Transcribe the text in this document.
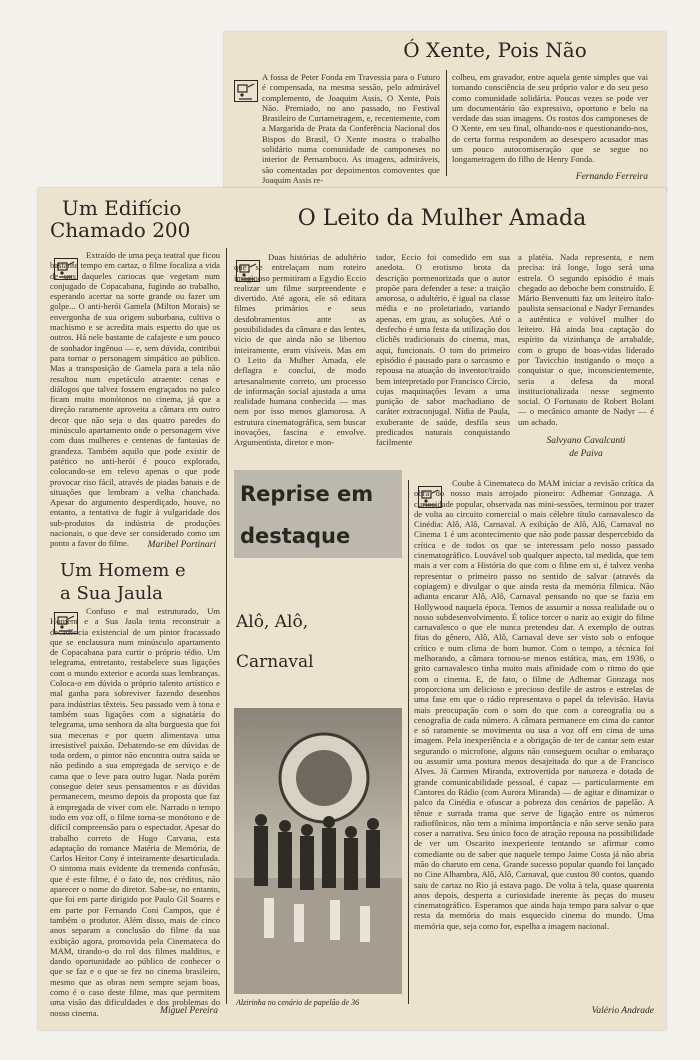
Ó Xente, Pois Não
A fossa de Peter Fonda em Travessia para o Futuro é compensada, na mesma sessão, pelo admirável complemento, de Joaquim Assis, O Xente, Pois Não. Premiado, no ano passado, no Festival Brasileiro de Curtametragem, e, recentemente, com a Margarida de Prata da Conferência Nacional dos Bispos do Brasil, O Xente mostra o trabalho solidário numa comunidade de camponeses no interior de Pernambuco. As imagens, admiráveis, são comentadas por depoimentos comoventes que Joaquim Assis re-
colheu, em gravador, entre aquela gente simples que vai tomando consciência de seu próprio valor e do seu peso como comunidade solidária. Poucas vezes se pode ver um documentário tão expressivo, oportuno e belo na verdade das suas imagens. Os rostos dos camponeses de O Xente, em seu final, olhando-nos e questionando-nos, de certa forma respondem ao desespero acusador mas um pouco autocomiseração que se segue no longametragem do filho de Henry Fonda.
Fernando Ferreira
Um Edifício
Chamado 200
Extraído de uma peça teatral que ficou bastante tempo em cartaz, o filme focaliza a vida de uns daqueles cariocas que vegetam num conjugado de Copacabana, fugindo ao trabalho, esperando acertar na sorte grande ou fazer um golpe... O anti-herói Gamela (Milton Morais) se envergonha de sua origem suburbana, cultiva o machismo e se acredita mais esperto do que os outros. Há nele bastante de cafajeste e um pouco de sonhador ingênuo — e, sem dúvida, contribui para tornar o personagem simpático ao público. Mas a transposição de Gamela para a tela não resultou num espetáculo atraente: cenas e diálogos que talvez fossem engraçados no palco ficam muito monótonos no cinema, já que a direção raramente aproveita a câmara em outro decor que não seja o das quatro paredes do minúsculo apartamento onde o personagem vive com duas mulheres e centenas de fantasias de grandeza. Também aquilo que pode existir de patético no anti-herói é pouco explorado, colocando-se em relevo apenas o que pode provocar riso fácil, através de piadas banais e de situações que lembram a velha chanchada. Apesar do argumento desperdiçado, houve, no entanto, a tentativa de fugir à vulgaridade dos sub-produtos da indústria de produções nacionais, o que deve ser considerado como um ponto a favor do filme.	Maribel Portinari
Um Homem e
a Sua Jaula
Confuso e mal estruturado, Um Homem e a Sua Jaula tenta reconstruir a decadência existencial de um pintor fracassado que se enclausura num minúsculo apartamento de Copacabana para curtir o próprio tédio. Um telegrama, entretanto, restabelece suas ligações com o mundo exterior e acorda suas lembranças. Coloca-o em dúvida o próprio talento artístico e mal ganha para sobreviver fazendo desenhos para indústrias têxteis. Seu passado vem à tona e também suas ligações com a signatária do telegrama, uma senhora da alta burguesia que foi sua mecenas e por quem alimentava uma irresistível paixão. Debatendo-se em dúvidas de toda ordem, o pintor não encontra outra saída se não pedindo a sua empregada de serviço e de cama que o leve para outro lugar. Nada porém consegue deter seus pensamentos e as dúvidas permanecem, mesmo depois da proposta que faz à empregada de viver com ele. Narrado o tempo todo em voz off, o filme torna-se monótono e de difícil compreensão para o espectador. Apesar do trabalho correto de Hugo Carvana, esta adaptação do romance Matéria de Memória, de Carlos Heitor Cony é inteiramente desarticulada. O sintoma mais evidente da tremenda confusão, que é este filme, é o fato de, nos créditos, não aparecer o nome do diretor. Sabe-se, no entanto, que foi em parte dirigido por Paulo Gil Soares e em parte por Fernando Coni Campos, que é também o produtor. Além disso, mais de cinco anos separam a conclusão do filme da sua exibição agora, promovida pela Cinemateca do MAM, tirando-o do rol dos filmes malditos, e dando oportunidade ao público de conhecer o que se faz e o que se fez no cinema brasileiro, mesmo que as obras nem sempre sejam boas, como é o caso deste filme, mas que permitem uma visão das dificuldades e dos problemas do nosso cinema.	Miguel Pereira
O Leito da Mulher Amada
Duas histórias de adultério que se entrelaçam num roteiro imaginoso permitiram a Egydio Eccio realizar um filme surpreendente e divertido. Até agora, ele só editara filmes primários e seus desdobramentos ante as possibilidades da câmara e das lentes, vício de que ainda não se libertou inteiramente, eram visíveis. Mas em O Leito da Mulher Amada, ele deflagra e conclui, de modo artesanalmente correto, um processo de informação social ajustada a uma realidade humana conhecida — mas nem por isso menos glamorosa. A estrutura cinematográfica, sem buscar inovações, fascina e envolve. Argumentista, diretor e mon-
tador, Eccio foi comedido em sua anedota. O erotismo brota da descrição pormenorizada que o autor propõe para defender a tese: a traição amorosa, o adultério, é igual na classe média e no proletariado, variando apenas, em grau, as soluções. Até o desfecho é uma festa da utilização dos clichês tradicionais do cinema, mas, aqui, funcionais. O tom do primeiro episódio é pausado para o sarcasmo e repousa na atuação do inventor/traído bem interpretado por Francisco Círcio, cujas maquinações levam a uma punição de sabor machadiano de caráter extraconjugal. Nídia de Paula, exuberante de saúde, desfila seus predicados naturais conquistando facilmente
a platéia. Nada representa, e nem precisa: irá longe, logo será uma estrela. O segundo episódio é mais chegado ao deboche bem construído. E Mário Benvenutti faz um leiteiro ítalo-paulista sensacional e Nadyr Fernandes a autêntica e volúvel mulher do leiteiro. Há ainda boa captação do espírito da vizinhança de arrabalde, com o grupo de boas-vidas liderado por Tavicchio instigando o moço a conquistar o que, inconscientemente, seria a defesa da moral institucionalizada nesse segmento social. O Fortunato de Robert Bolant — o mecânico amante de Nadyr — é um achado.
Salvyano Cavalcanti
de Paiva
Reprise em
destaque
Alô, Alô,
Carnaval
Alzirinha no cenário de papelão de 36
Coube à Cinemateca do MAM iniciar a revisão crítica da obra do nosso mais arrojado pioneiro: Adhemar Gonzaga. A curiosidade popular, observada nas mini-sessões, terminou por trazer de volta ao circuito comercial o mais célebre título carnavalesco da Cinédia: Alô, Alô, Carnaval. A exibição de Alô, Alô, Carnaval no Cinema 1 é um acontecimento que não pode passar despercebido da crítica e de todos os que se interessam pelo nosso passado cinematográfico. Louvável sob qualquer aspecto, tal medida, que tem mais a ver com a História do que com o filme em si, é talvez venha representar o primeiro passo no sentido de salvar (através da copiagem) e divulgar o que ainda resta da memória fílmica. Não adianta encarar Alô, Alô, Carnaval pensando no que se fazia em Hollywood naquela época. Temos de assumir a nossa realidade ou o nosso subdesenvolvimento. É tolice torcer o nariz ao exigir do filme carnavalesco o que ele nunca pretendeu dar. A exemplo de outras fitas do gênero, Alô, Alô, Carnaval deve ser visto sob o enfoque crítico e num clima de bom humor. Com o tempo, a técnica foi melhorando, a câmara tornou-se menos estática, mas, em 1936, o grito carnavalesco tinha muito mais afinidade com o ritmo do que com o cinema. E, de fato, o filme de Adhemar Gonzaga nos proporciona um delicioso e precioso desfile de astros e estrelas de uma fase em que o rádio representava o papel da televisão. Havia mais preocupação com o som do que com a coreografia ou a cenografia de cada número. A câmara permanece em cima do cantor e só raramente se movimenta ou usa a voz off em cima de uma imagem. Pela inexperiência e a obrigação de ter de cantar sem estar segurando o microfone, alguns não conseguem ocultar o embaraço ou assumir uma postura menos desajeitada do que a de Francisco Alves. Já Carmen Miranda, extrovertida por natureza e dotada de grande comunicabilidade pessoal, é capaz — particularmente em Cantores do Rádio (com Aurora Miranda) — de agitar e dinamizar o palco da Cinédia e ofuscar a pobreza dos cenários de papelão. A tênue e surrada trama que serve de ligação entre os números radiofônicos, não tem a mínima importância e não serve senão para coser a narrativa. Seu único foco de atração repousa na possibilidade de ver um Oscarito inexperiente tentando se afirmar como comediante ou de saber que naquele tempo Jaime Costa já não abria mão do charuto em cena. Grande sucesso popular quando foi lançado no Cine Alhambra, Alô, Alô, Carnaval, que custou 80 contos, quando saiu de cartaz no Rio já estava pago. De volta à tela, quase quarenta anos depois, desperta a curiosidade inerente às peças do museu cinematográfico. Esperamos que ainda haja tempo para salvar o que resta da memória do mais esquecido cinema do mundo. Uma memória que, seja como for, espelha a imagem nacional.
Valério Andrade
